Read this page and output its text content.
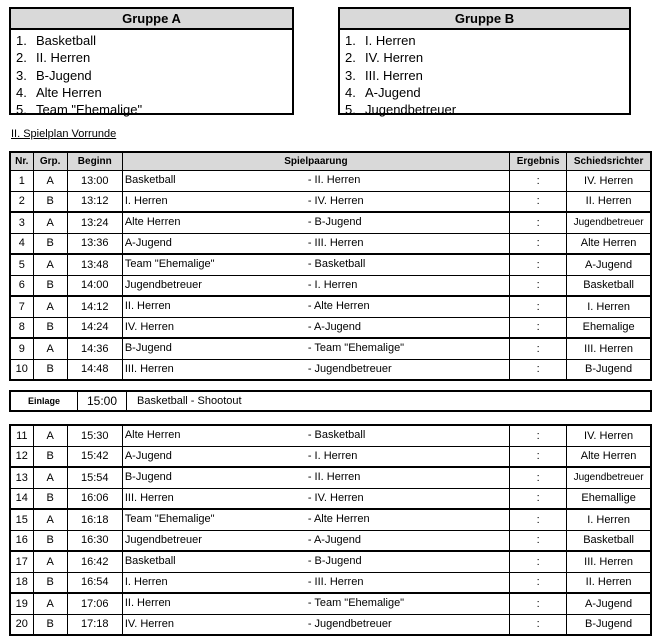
Gruppe A
1. Basketball
2. II. Herren
3. B-Jugend
4. Alte Herren
5. Team "Ehemalige"
Gruppe B
1. I. Herren
2. IV. Herren
3. III. Herren
4. A-Jugend
5. Jugendbetreuer
II. Spielplan Vorrunde
Nr.	Grp.	Beginn	Spielpaarung	Ergebnis	Schiedsrichter
1	A	13:00	Basketball - II. Herren	:	IV. Herren
2	B	13:12	I. Herren - IV. Herren	:	II. Herren
3	A	13:24	Alte Herren - B-Jugend	:	Jugendbetreuer
4	B	13:36	A-Jugend - III. Herren	:	Alte Herren
5	A	13:48	Team "Ehemalige" - Basketball	:	A-Jugend
6	B	14:00	Jugendbetreuer - I. Herren	:	Basketball
7	A	14:12	II. Herren - Alte Herren	:	I. Herren
8	B	14:24	IV. Herren - A-Jugend	:	Ehemalige
9	A	14:36	B-Jugend - Team "Ehemalige"	:	III. Herren
10	B	14:48	III. Herren - Jugendbetreuer	:	B-Jugend
Einlage	15:00	Basketball - Shootout
11	A	15:30	Alte Herren - Basketball	:	IV. Herren
12	B	15:42	A-Jugend - I. Herren	:	Alte Herren
13	A	15:54	B-Jugend - II. Herren	:	Jugendbetreuer
14	B	16:06	III. Herren - IV. Herren	:	Ehemallige
15	A	16:18	Team "Ehemalige" - Alte Herren	:	I. Herren
16	B	16:30	Jugendbetreuer - A-Jugend	:	Basketball
17	A	16:42	Basketball - B-Jugend	:	III. Herren
18	B	16:54	I. Herren - III. Herren	:	II. Herren
19	A	17:06	II. Herren - Team "Ehemalige"	:	A-Jugend
20	B	17:18	IV. Herren - Jugendbetreuer	:	B-Jugend
